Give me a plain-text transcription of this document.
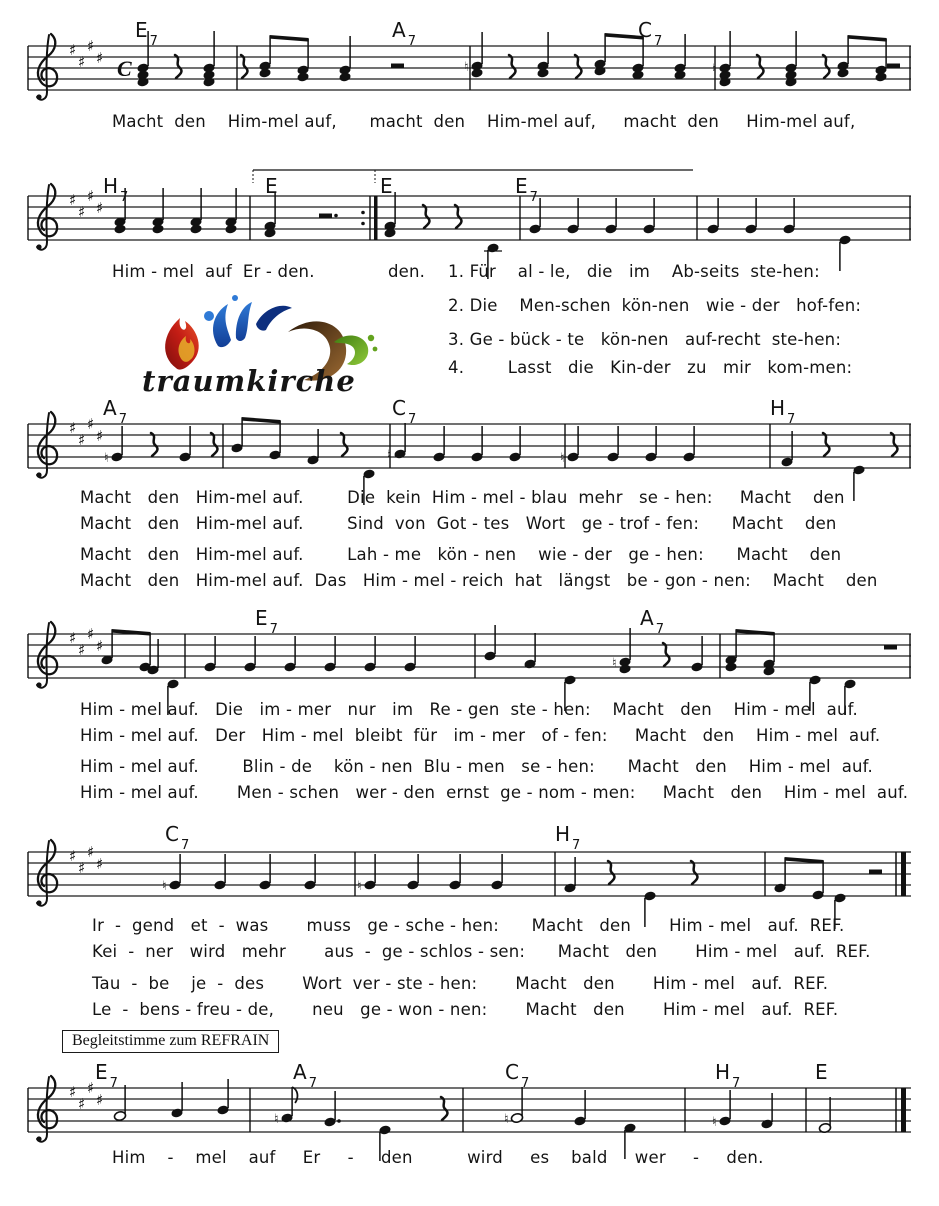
♯
♯
♯
♯ C	♮	♮
♯
♯
♯
♯
♯
♯
♯
♯
♮	♮	♮
♯
♯
♯
♯
♮
♯
♯
♯
♯
♮	♮
♯
♯
♯
♯
♮	♮	♮
$E_7$	$A_7$	$C_7$
$H_7$	E	E	$E_7$
$A_7$	$C_7$	$H_7$
$E_7$	$A_7$
$C_7$	$H_7$
$E_7$	$A_7$	$C_7$	$H_7$	E
Macht  den    Him-mel auf,      macht  den    Him-mel auf,     macht  den     Him-mel auf,
Him - mel  auf  Er - den.	den. 1. Für    al - le,   die   im    Ab-seits  ste-hen:
2. Die    Men-schen  kön-nen   wie - der   hof-fen:
3. Ge - bück - te   kön-nen   auf-recht  ste-hen:
4.        Lasst   die   Kin-der   zu   mir   kom-men:
Macht   den   Him-mel auf.        Die  kein  Him - mel - blau  mehr   se - hen:     Macht    den
Macht   den   Him-mel auf.        Sind  von  Got - tes   Wort   ge - trof - fen:      Macht    den
Macht   den   Him-mel auf.        Lah - me   kön - nen    wie - der   ge - hen:      Macht    den
Macht   den   Him-mel auf.  Das   Him - mel - reich  hat   längst   be - gon - nen:    Macht    den
Him - mel auf.   Die   im - mer   nur   im   Re - gen  ste - hen:    Macht   den    Him - mel  auf.
Him - mel auf.   Der   Him - mel  bleibt  für   im - mer   of - fen:     Macht   den    Him - mel  auf.
Him - mel auf.        Blin - de    kön - nen  Blu - men   se - hen:      Macht   den    Him - mel  auf.
Him - mel auf.       Men - schen   wer - den  ernst  ge - nom - men:     Macht   den    Him - mel  auf.
Ir  -  gend   et  -  was       muss   ge - sche - hen:      Macht   den       Him - mel   auf.  REF.
Kei  -  ner   wird   mehr       aus  -  ge - schlos - sen:      Macht   den       Him - mel   auf.  REF.
Tau  -  be    je  -  des       Wort  ver - ste - hen:       Macht   den       Him - mel   auf.  REF.
Le  -  bens - freu - de,       neu   ge - won - nen:       Macht   den       Him - mel   auf.  REF.
Begleitstimme zum REFRAIN
Him    -    mel    auf     Er     -     den          wird     es    bald     wer     -     den.
traumkirche
